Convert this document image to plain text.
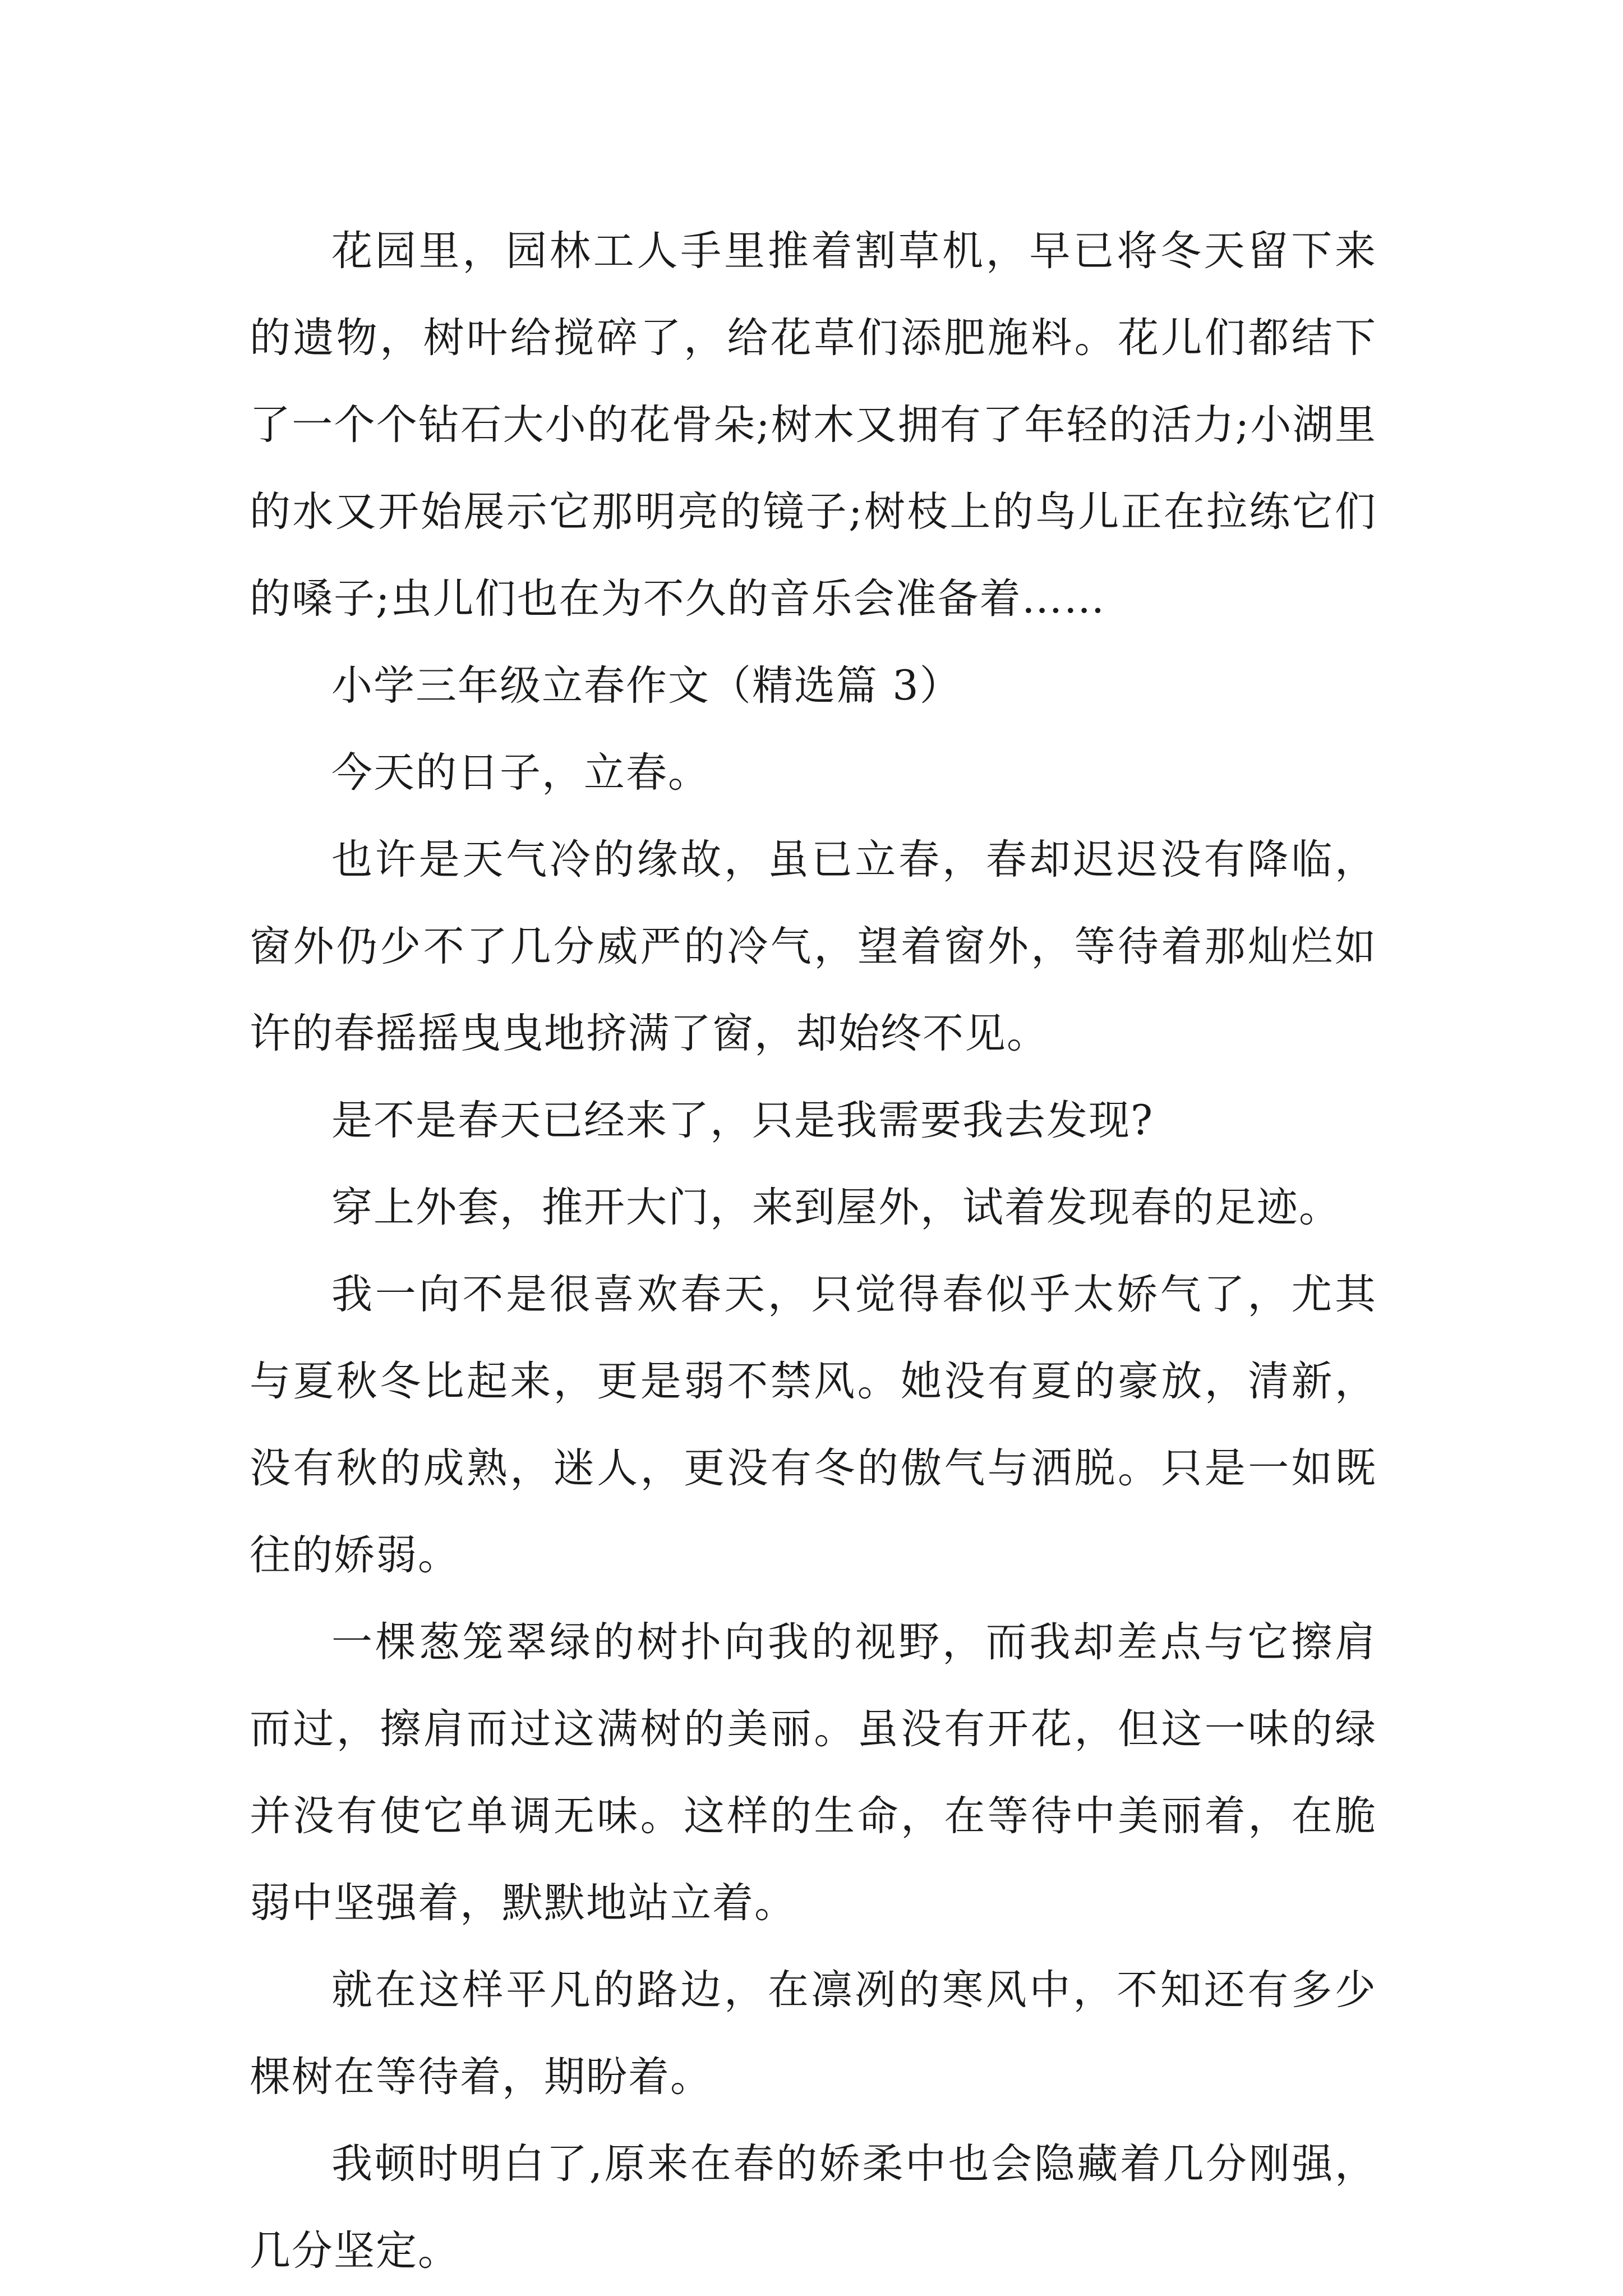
花园里，园林工人手里推着割草机，早已将冬天留下来的遗物，树叶给搅碎了，给花草们添肥施料。花儿们都结下了一个个钻石大小的花骨朵;树木又拥有了年轻的活力;小湖里的水又开始展示它那明亮的镜子;树枝上的鸟儿正在拉练它们的嗓子;虫儿们也在为不久的音乐会准备着……

小学三年级立春作文（精选篇 3）

今天的日子，立春。

也许是天气冷的缘故，虽已立春，春却迟迟没有降临，窗外仍少不了几分威严的冷气，望着窗外，等待着那灿烂如许的春摇摇曳曳地挤满了窗，却始终不见。

是不是春天已经来了，只是我需要我去发现?

穿上外套，推开大门，来到屋外，试着发现春的足迹。

我一向不是很喜欢春天，只觉得春似乎太娇气了，尤其与夏秋冬比起来，更是弱不禁风。她没有夏的豪放，清新，没有秋的成熟，迷人，更没有冬的傲气与洒脱。只是一如既往的娇弱。

一棵葱笼翠绿的树扑向我的视野，而我却差点与它擦肩而过，擦肩而过这满树的美丽。虽没有开花，但这一味的绿并没有使它单调无味。这样的生命，在等待中美丽着，在脆弱中坚强着，默默地站立着。

就在这样平凡的路边，在凛冽的寒风中，不知还有多少棵树在等待着，期盼着。

我顿时明白了,原来在春的娇柔中也会隐藏着几分刚强，几分坚定。
